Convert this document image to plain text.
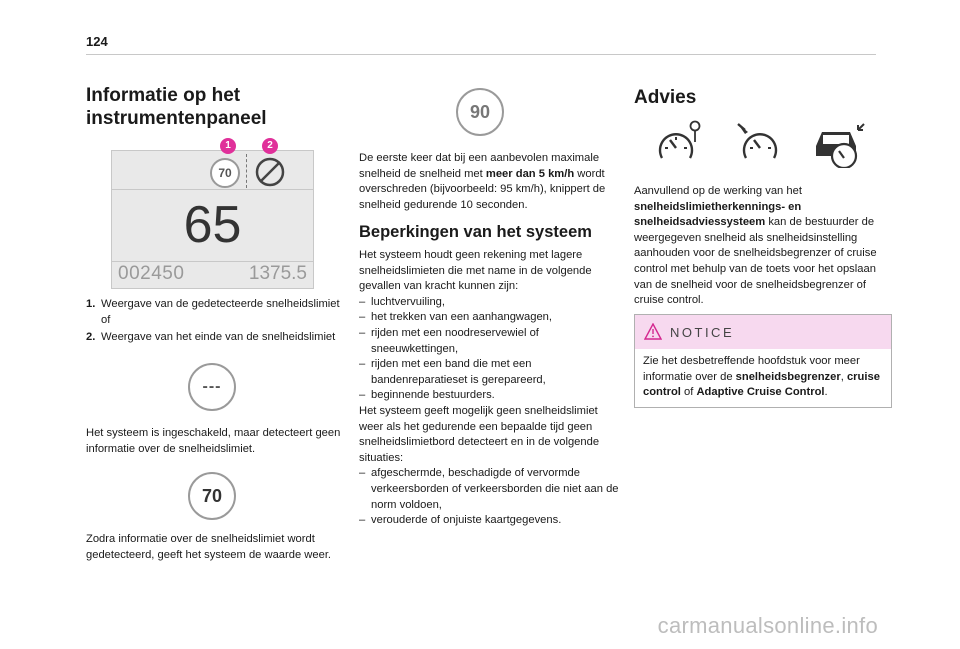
124
Informatie op het instrumentenpaneel
70
65
002450	1375.5
1	2
1. Weergave van de gedetecteerde snelheidslimiet of
2. Weergave van het einde van de snelheidslimiet
---
Het systeem is ingeschakeld, maar detecteert geen informatie over de snelheidslimiet.
70
Zodra informatie over de snelheidslimiet wordt gedetecteerd, geeft het systeem de waarde weer.
90
De eerste keer dat bij een aanbevolen maximale snelheid de snelheid met meer dan 5 km/h wordt overschreden (bijvoorbeeld: 95 km/h), knippert de snelheid gedurende 10 seconden.
Beperkingen van het systeem
Het systeem houdt geen rekening met lagere snelheidslimieten die met name in de volgende gevallen van kracht kunnen zijn:
– luchtvervuiling,
– het trekken van een aanhangwagen,
– rijden met een noodreservewiel of sneeuwkettingen,
– rijden met een band die met een bandenreparatieset is gerepareerd,
– beginnende bestuurders.
Het systeem geeft mogelijk geen snelheidslimiet weer als het gedurende een bepaalde tijd geen snelheidslimietbord detecteert en in de volgende situaties:
– afgeschermde, beschadigde of vervormde verkeersborden of verkeersborden die niet aan de norm voldoen,
– verouderde of onjuiste kaartgegevens.
Advies
Aanvullend op de werking van het snelheidslimietherkennings- en snelheidsadviessysteem kan de bestuurder de weergegeven snelheid als snelheidsinstelling aanhouden voor de snelheidsbegrenzer of cruise control met behulp van de toets voor het opslaan van de snelheid voor de snelheidsbegrenzer of cruise control.
NOTICE
Zie het desbetreffende hoofdstuk voor meer informatie over de snelheidsbegrenzer, cruise control of Adaptive Cruise Control.
carmanualsonline.info
